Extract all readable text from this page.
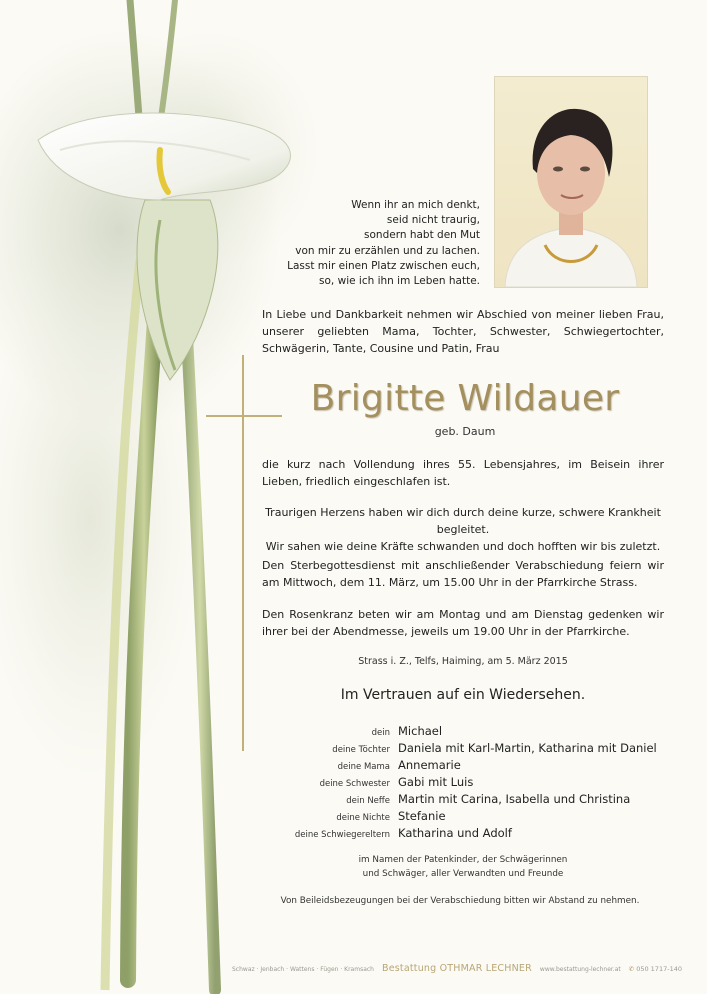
Wenn ihr an mich denkt,
seid nicht traurig,
sondern habt den Mut
von mir zu erzählen und zu lachen.
Lasst mir einen Platz zwischen euch,
so, wie ich ihn im Leben hatte.

In Liebe und Dankbarkeit nehmen wir Abschied von meiner lieben Frau, unserer geliebten Mama, Tochter, Schwester, Schwiegertochter, Schwägerin, Tante, Cousine und Patin, Frau

Brigitte Wildauer
geb. Daum

die kurz nach Vollendung ihres 55. Lebensjahres, im Beisein ihrer Lieben, friedlich eingeschlafen ist.

Traurigen Herzens haben wir dich durch deine kurze, schwere Krankheit begleitet.
Wir sahen wie deine Kräfte schwanden und doch hofften wir bis zuletzt.

Den Sterbegottesdienst mit anschließender Verabschiedung feiern wir am Mittwoch, dem 11. März, um 15.00 Uhr in der Pfarrkirche Strass.

Den Rosenkranz beten wir am Montag und am Dienstag gedenken wir ihrer bei der Abendmesse, jeweils um 19.00 Uhr in der Pfarrkirche.

Strass i. Z., Telfs, Haiming, am 5. März 2015
Im Vertrauen auf ein Wiedersehen.
dein Michael
deine Töchter Daniela mit Karl-Martin, Katharina mit Daniel
deine Mama Annemarie
deine Schwester Gabi mit Luis
dein Neffe Martin mit Carina, Isabella und Christina
deine Nichte Stefanie
deine Schwiegereltern Katharina und Adolf
im Namen der Patenkinder, der Schwägerinnen
und Schwäger, aller Verwandten und Freunde
Von Beileidsbezeugungen bei der Verabschiedung bitten wir Abstand zu nehmen.
Schwaz · Jenbach · Wattens · Fügen · Kramsach Bestattung OTHMAR LECHNER www.bestattung-lechner.at ✆ 050 1717-140
